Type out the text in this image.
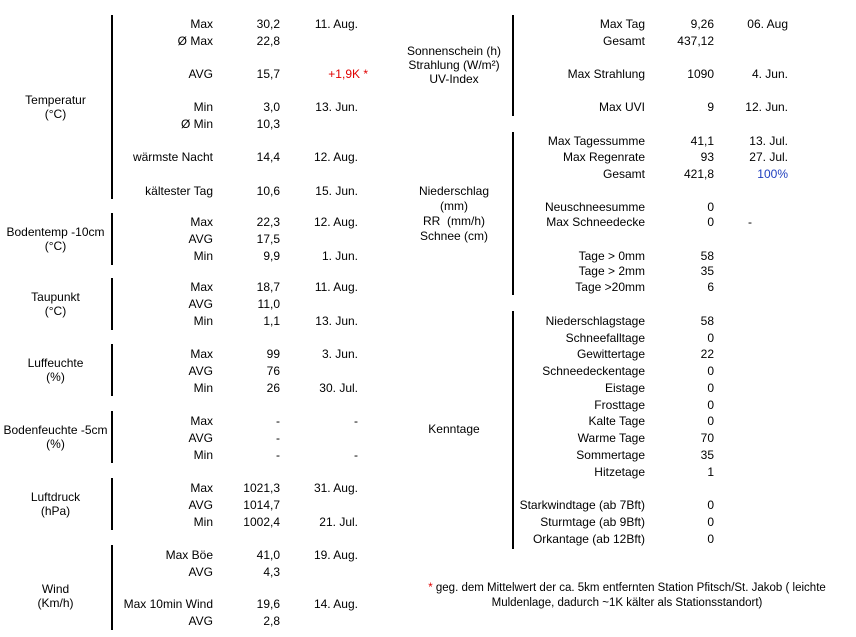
Temperatur
(°C)
Max	30,2	11. Aug.
Ø Max	22,8
AVG	15,7	+1,9K *
Min	3,0	13. Jun.
Ø Min	10,3
wärmste Nacht	14,4	12. Aug.
kältester Tag	10,6	15. Jun.
Bodentemp -10cm
(°C)
Max	22,3	12. Aug.
AVG	17,5
Min	9,9	1. Jun.
Taupunkt
(°C)
Max	18,7	11. Aug.
AVG	11,0
Min	1,1	13. Jun.
Luffeuchte
(%)
Max	99	3. Jun.
AVG	76
Min	26	30. Jul.
Bodenfeuchte -5cm
(%)
Max	-	-
AVG	-
Min	-	-
Luftdruck
(hPa)
Max	1021,3	31. Aug.
AVG	1014,7
Min	1002,4	21. Jul.
Wind
(Km/h)
Max Böe	41,0	19. Aug.
AVG	4,3
Max 10min Wind	19,6	14. Aug.
AVG	2,8
Sonnenschein (h)
Strahlung (W/m²)
UV-Index
Max Tag	9,26	06. Aug
Gesamt	437,12
Max Strahlung	1090	4. Jun.
Max UVI	9	12. Jun.
Niederschlag
(mm)
RR  (mm/h)
Schnee (cm)
Max Tagessumme	41,1	13. Jul.
Max Regenrate	93	27. Jul.
Gesamt	421,8	100%
Neuschneesumme	0
Max Schneedecke	0	-
Tage > 0mm	58
Tage > 2mm	35
Tage >20mm	6
Kenntage
Niederschlagstage	58
Schneefalltage	0
Gewittertage	22
Schneedeckentage	0
Eistage	0
Frosttage	0
Kalte Tage	0
Warme Tage	70
Sommertage	35
Hitzetage	1
Starkwindtage (ab 7Bft)	0
Sturmtage (ab 9Bft)	0
Orkantage (ab 12Bft)	0
* geg. dem Mittelwert der ca. 5km entfernten Station Pfitsch/St. Jakob ( leichte
Muldenlage, dadurch ~1K kälter als Stationsstandort)
